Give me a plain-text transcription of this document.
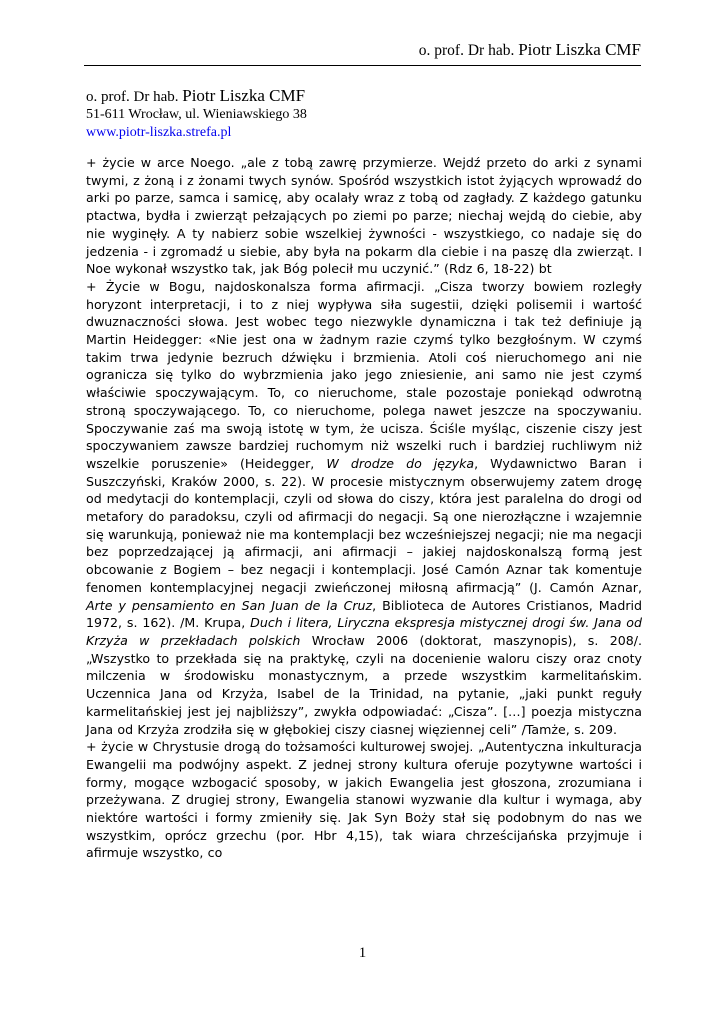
o. prof. Dr hab. Piotr Liszka CMF
o. prof. Dr hab. Piotr Liszka CMF
51-611 Wrocław, ul. Wieniawskiego 38
www.piotr-liszka.strefa.pl

+ życie w arce Noego. „ale z tobą zawrę przymierze. Wejdź przeto do arki z synami twymi, z żoną i z żonami twych synów. Spośród wszystkich istot żyjących wprowadź do arki po parze, samca i samicę, aby ocalały wraz z tobą od zagłady. Z każdego gatunku ptactwa, bydła i zwierząt pełzających po ziemi po parze; niechaj wejdą do ciebie, aby nie wyginęły. A ty nabierz sobie wszelkiej żywności - wszystkiego, co nadaje się do jedzenia - i zgromadź u siebie, aby była na pokarm dla ciebie i na paszę dla zwierząt. I Noe wykonał wszystko tak, jak Bóg polecił mu uczynić.” (Rdz 6, 18-22) bt

+ Życie w Bogu, najdoskonalsza forma afirmacji. „Cisza tworzy bowiem rozległy horyzont interpretacji, i to z niej wypływa siła sugestii, dzięki polisemii i wartość dwuznaczności słowa. Jest wobec tego niezwykle dynamiczna i tak też definiuje ją Martin Heidegger: «Nie jest ona w żadnym razie czymś tylko bezgłośnym. W czymś takim trwa jedynie bezruch dźwięku i brzmienia. Atoli coś nieruchomego ani nie ogranicza się tylko do wybrzmienia jako jego zniesienie, ani samo nie jest czymś właściwie spoczywającym. To, co nieruchome, stale pozostaje poniekąd odwrotną stroną spoczywającego. To, co nieruchome, polega nawet jeszcze na spoczywaniu. Spoczywanie zaś ma swoją istotę w tym, że ucisza. Ściśle myśląc, ciszenie ciszy jest spoczywaniem zawsze bardziej ruchomym niż wszelki ruch i bardziej ruchliwym niż wszelkie poruszenie» (Heidegger, W drodze do języka, Wydawnictwo Baran i Suszczyński, Kraków 2000, s. 22). W procesie mistycznym obserwujemy zatem drogę od medytacji do kontemplacji, czyli od słowa do ciszy, która jest paralelna do drogi od metafory do paradoksu, czyli od afirmacji do negacji. Są one nierozłączne i wzajemnie się warunkują, ponieważ nie ma kontemplacji bez wcześniejszej negacji; nie ma negacji bez poprzedzającej ją afirmacji, ani afirmacji – jakiej najdoskonalszą formą jest obcowanie z Bogiem – bez negacji i kontemplacji. José Camón Aznar tak komentuje fenomen kontemplacyjnej negacji zwieńczonej miłosną afirmacją” (J. Camón Aznar, Arte y pensamiento en San Juan de la Cruz, Biblioteca de Autores Cristianos, Madrid 1972, s. 162). /M. Krupa, Duch i litera, Liryczna ekspresja mistycznej drogi św. Jana od Krzyża w przekładach polskich Wrocław 2006 (doktorat, maszynopis), s. 208/. „Wszystko to przekłada się na praktykę, czyli na docenienie waloru ciszy oraz cnoty milczenia w środowisku monastycznym, a przede wszystkim karmelitańskim. Uczennica Jana od Krzyża, Isabel de la Trinidad, na pytanie, „jaki punkt reguły karmelitańskiej jest jej najbliższy”, zwykła odpowiadać: „Cisza”. […] poezja mistyczna Jana od Krzyża zrodziła się w głębokiej ciszy ciasnej więziennej celi” /Tamże, s. 209.

+ życie w Chrystusie drogą do tożsamości kulturowej swojej. „Autentyczna inkulturacja Ewangelii ma podwójny aspekt. Z jednej strony kultura oferuje pozytywne wartości i formy, mogące wzbogacić sposoby, w jakich Ewangelia jest głoszona, zrozumiana i przeżywana. Z drugiej strony, Ewangelia stanowi wyzwanie dla kultur i wymaga, aby niektóre wartości i formy zmieniły się. Jak Syn Boży stał się podobnym do nas we wszystkim, oprócz grzechu (por. Hbr 4,15), tak wiara chrześcijańska przyjmuje i afirmuje wszystko, co

1
